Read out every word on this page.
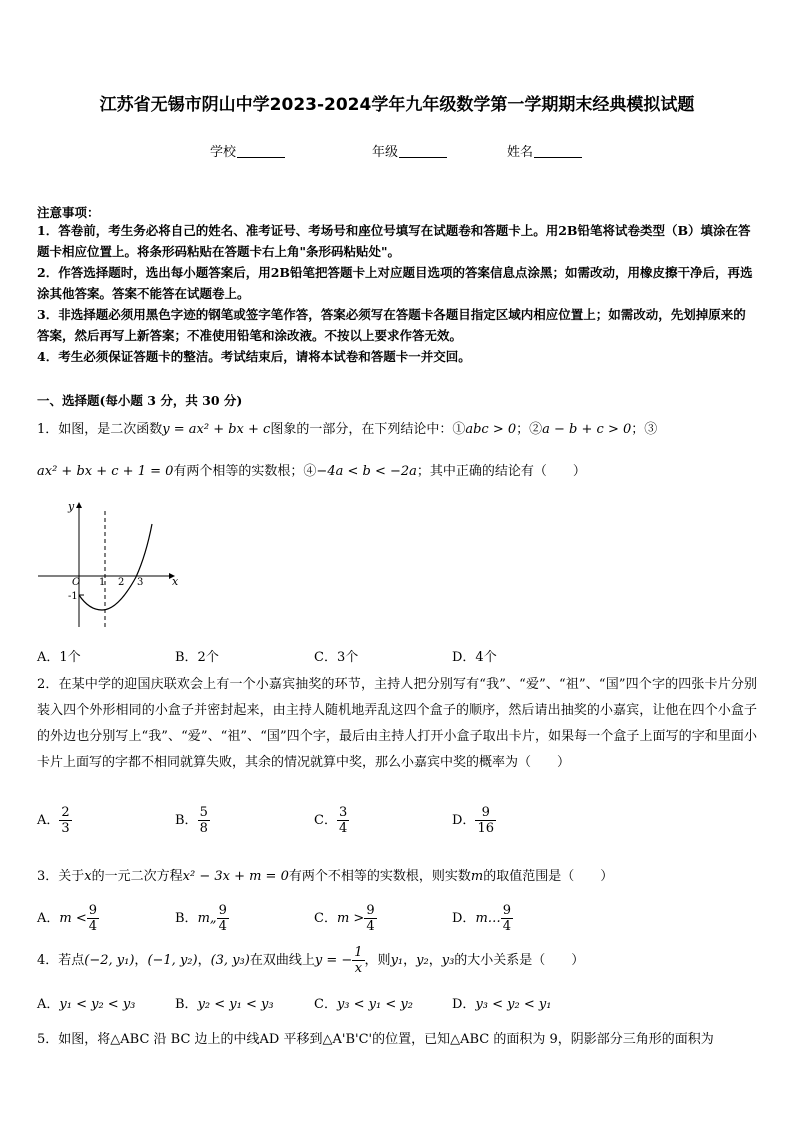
江苏省无锡市阴山中学2023-2024学年九年级数学第一学期期末经典模拟试题
学校	年级	姓名
注意事项：
1．答卷前，考生务必将自己的姓名、准考证号、考场号和座位号填写在试题卷和答题卡上。用2B铅笔将试卷类型（B）填涂在答题卡相应位置上。将条形码粘贴在答题卡右上角"条形码粘贴处"。
2．作答选择题时，选出每小题答案后，用2B铅笔把答题卡上对应题目选项的答案信息点涂黑；如需改动，用橡皮擦干净后，再选涂其他答案。答案不能答在试题卷上。
3．非选择题必须用黑色字迹的钢笔或签字笔作答，答案必须写在答题卡各题目指定区域内相应位置上；如需改动，先划掉原来的答案，然后再写上新答案；不准使用铅笔和涂改液。不按以上要求作答无效。
4．考生必须保证答题卡的整洁。考试结束后，请将本试卷和答题卡一并交回。
一、选择题(每小题 3 分，共 30 分)
1．如图，是二次函数y = ax² + bx + c图象的一部分，在下列结论中：①abc > 0；②a − b + c > 0；③
ax² + bx + c + 1 = 0有两个相等的实数根；④−4a < b < −2a；其中正确的结论有（　　）
y
x
O 1 2 3
-1
A．1个	B．2个	C．3个	D．4个
2．在某中学的迎国庆联欢会上有一个小嘉宾抽奖的环节，主持人把分别写有“我”、“爱”、“祖”、“国”四个字的四张卡片分别装入四个外形相同的小盒子并密封起来，由主持人随机地弄乱这四个盒子的顺序，然后请出抽奖的小嘉宾，让他在四个小盒子的外边也分别写上“我”、“爱”、“祖”、“国”四个字，最后由主持人打开小盒子取出卡片，如果每一个盒子上面写的字和里面小卡片上面写的字都不相同就算失败，其余的情况就算中奖，那么小嘉宾中奖的概率为（　　）
A． $\frac{2}{3}$	B． $\frac{5}{8}$	C． $\frac{3}{4}$	D． $\frac{9}{16}$
3．关于x的一元二次方程x² − 3x + m = 0有两个不相等的实数根，则实数m的取值范围是（　　）
A．$m < \frac{9}{4}$	B．m„ $\frac{9}{4}$	C．$m > \frac{9}{4}$	D．m… $\frac{9}{4}$
4．若点(−2, y₁)，(−1, y₂)，(3, y₃)在双曲线上y = − $\frac{1}{x}$ ，则y₁，y₂，y₃的大小关系是（　　）
A．y₁ < y₂ < y₃	B．y₂ < y₁ < y₃	C．y₃ < y₁ < y₂	D．y₃ < y₂ < y₁
5．如图，将△ABC 沿 BC 边上的中线AD 平移到△A'B'C'的位置，已知△ABC 的面积为 9，阴影部分三角形的面积为
